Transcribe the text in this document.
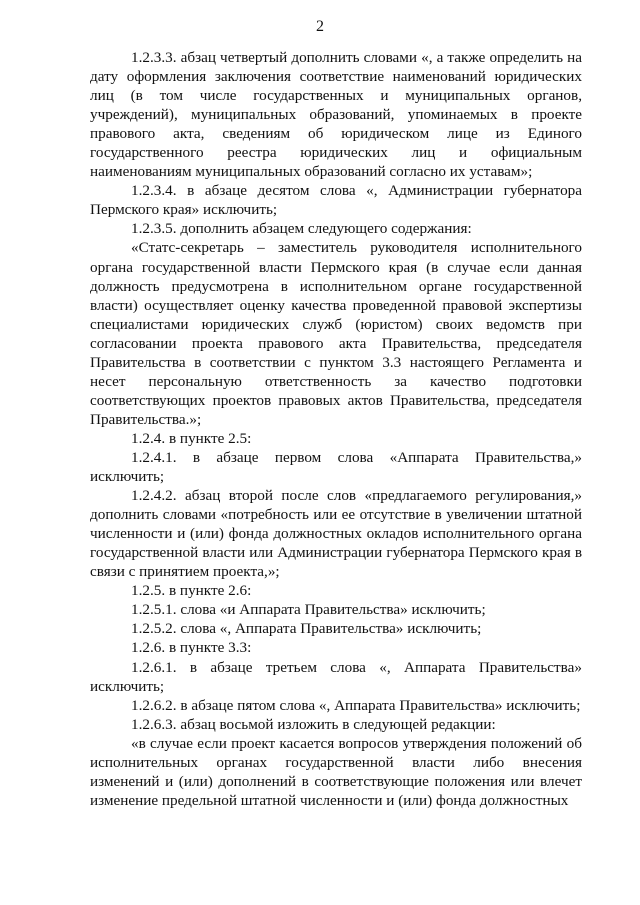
2

1.2.3.3. абзац четвертый дополнить словами «, а также определить на дату оформления заключения соответствие наименований юридических лиц (в том числе государственных и муниципальных органов, учреждений), муниципальных образований, упоминаемых в проекте правового акта, сведениям об юридическом лице из Единого государственного реестра юридических лиц и официальным наименованиям муниципальных образований согласно их уставам»;

1.2.3.4. в абзаце десятом слова «, Администрации губернатора Пермского края» исключить;

1.2.3.5. дополнить абзацем следующего содержания:

«Статс-секретарь – заместитель руководителя исполнительного органа государственной власти Пермского края (в случае если данная должность предусмотрена в исполнительном органе государственной власти) осуществляет оценку качества проведенной правовой экспертизы специалистами юридических служб (юристом) своих ведомств при согласовании проекта правового акта Правительства, председателя Правительства в соответствии с пунктом 3.3 настоящего Регламента и несет персональную ответственность за качество подготовки соответствующих проектов правовых актов Правительства, председателя Правительства.»;

1.2.4. в пункте 2.5:

1.2.4.1. в абзаце первом слова «Аппарата Правительства,» исключить;

1.2.4.2. абзац второй после слов «предлагаемого регулирования,» дополнить словами «потребность или ее отсутствие в увеличении штатной численности и (или) фонда должностных окладов исполнительного органа государственной власти или Администрации губернатора Пермского края в связи с принятием проекта,»;

1.2.5. в пункте 2.6:

1.2.5.1. слова «и Аппарата Правительства» исключить;

1.2.5.2. слова «, Аппарата Правительства» исключить;

1.2.6. в пункте 3.3:

1.2.6.1. в абзаце третьем слова «, Аппарата Правительства» исключить;

1.2.6.2. в абзаце пятом слова «, Аппарата Правительства» исключить;

1.2.6.3. абзац восьмой изложить в следующей редакции:

«в случае если проект касается вопросов утверждения положений об исполнительных органах государственной власти либо внесения изменений и (или) дополнений в соответствующие положения или влечет изменение предельной штатной численности и (или) фонда должностных
